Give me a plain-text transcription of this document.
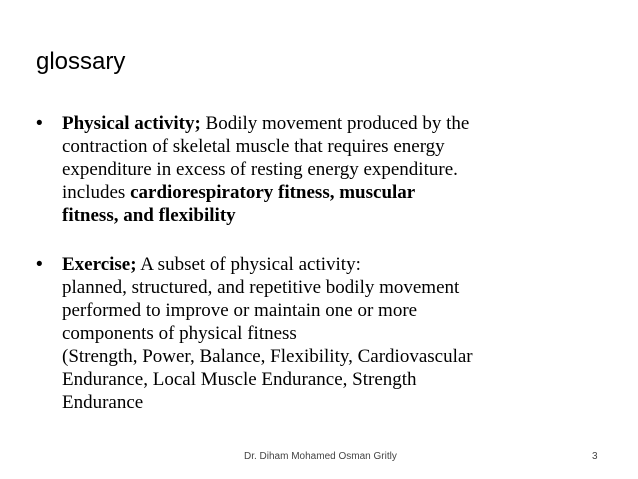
glossary
• Physical activity; Bodily movement produced by the
contraction of skeletal muscle that requires energy
expenditure in excess of resting energy expenditure.
includes cardiorespiratory fitness, muscular
fitness, and flexibility
• Exercise; A subset of physical activity:
planned, structured, and repetitive bodily movement
performed to improve or maintain one or more
components of physical fitness
(Strength, Power, Balance, Flexibility, Cardiovascular
Endurance, Local Muscle Endurance, Strength
Endurance
Dr. Diham Mohamed Osman Gritly	3
